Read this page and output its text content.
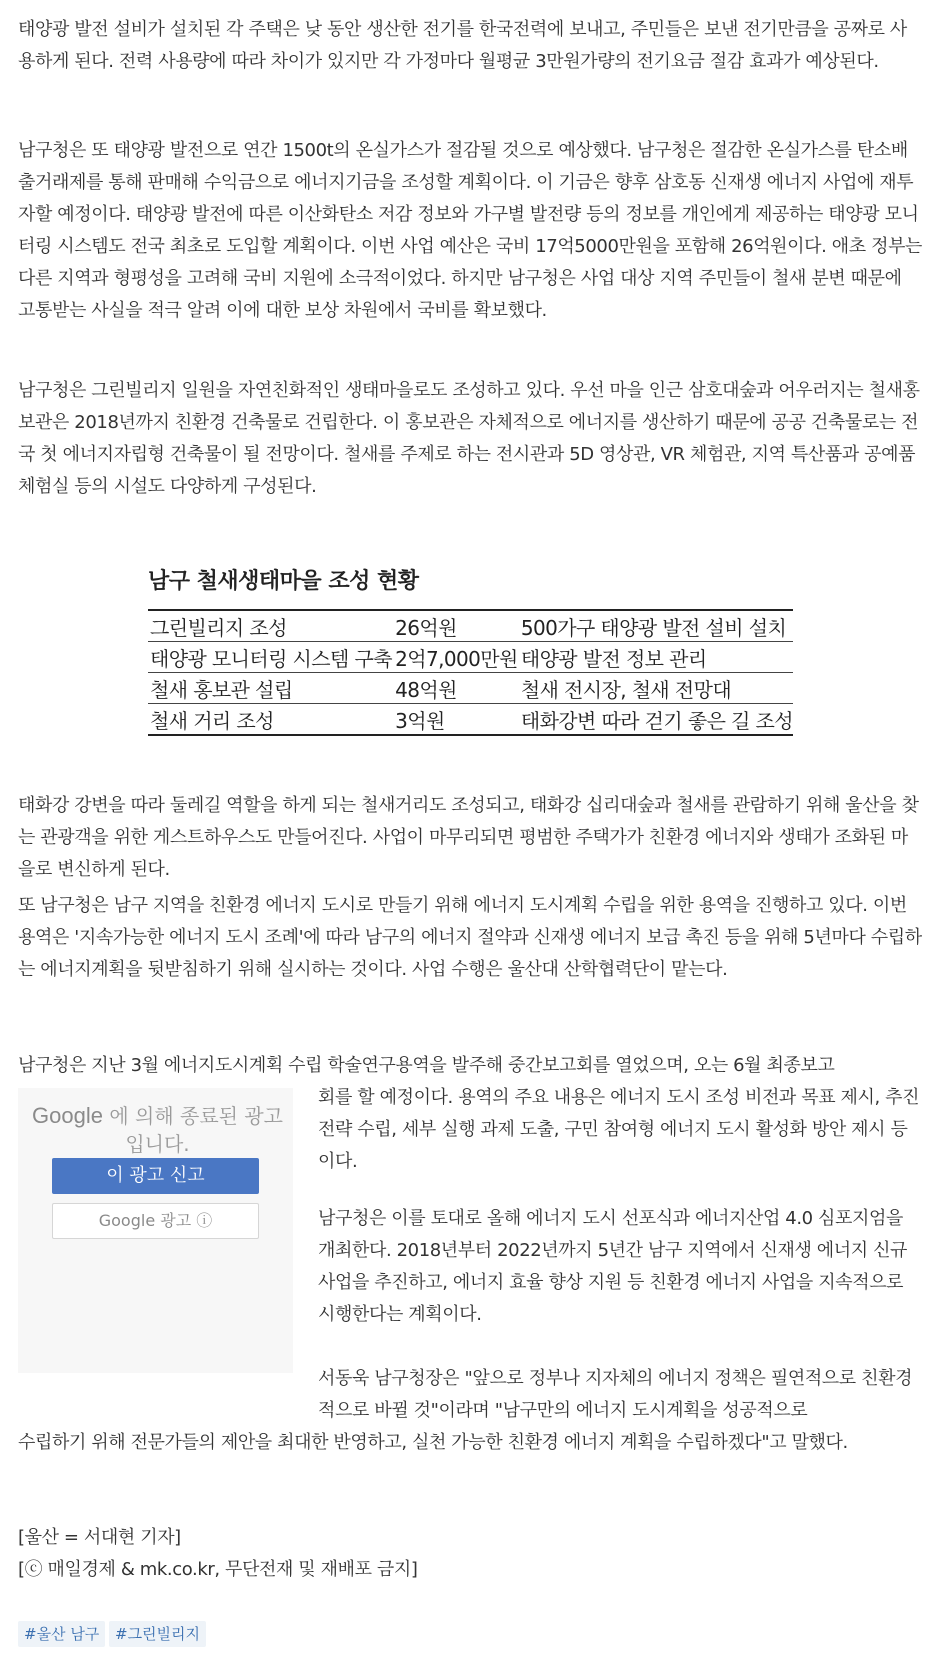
태양광 발전 설비가 설치된 각 주택은 낮 동안 생산한 전기를 한국전력에 보내고, 주민들은 보낸 전기만큼을 공짜로 사용하게 된다. 전력 사용량에 따라 차이가 있지만 각 가정마다 월평균 3만원가량의 전기요금 절감 효과가 예상된다.

남구청은 또 태양광 발전으로 연간 1500t의 온실가스가 절감될 것으로 예상했다. 남구청은 절감한 온실가스를 탄소배출거래제를 통해 판매해 수익금으로 에너지기금을 조성할 계획이다. 이 기금은 향후 삼호동 신재생 에너지 사업에 재투자할 예정이다. 태양광 발전에 따른 이산화탄소 저감 정보와 가구별 발전량 등의 정보를 개인에게 제공하는 태양광 모니터링 시스템도 전국 최초로 도입할 계획이다. 이번 사업 예산은 국비 17억5000만원을 포함해 26억원이다. 애초 정부는 다른 지역과 형평성을 고려해 국비 지원에 소극적이었다. 하지만 남구청은 사업 대상 지역 주민들이 철새 분변 때문에 고통받는 사실을 적극 알려 이에 대한 보상 차원에서 국비를 확보했다.

남구청은 그린빌리지 일원을 자연친화적인 생태마을로도 조성하고 있다. 우선 마을 인근 삼호대숲과 어우러지는 철새홍보관은 2018년까지 친환경 건축물로 건립한다. 이 홍보관은 자체적으로 에너지를 생산하기 때문에 공공 건축물로는 전국 첫 에너지자립형 건축물이 될 전망이다. 철새를 주제로 하는 전시관과 5D 영상관, VR 체험관, 지역 특산품과 공예품 체험실 등의 시설도 다양하게 구성된다.

남구 철새생태마을 조성 현황
그린빌리지 조성	26억원	500가구 태양광 발전 설비 설치
태양광 모니터링 시스템 구축	2억7,000만원	태양광 발전 정보 관리
철새 홍보관 설립	48억원	철새 전시장, 철새 전망대
철새 거리 조성	3억원	태화강변 따라 걷기 좋은 길 조성

태화강 강변을 따라 둘레길 역할을 하게 되는 철새거리도 조성되고, 태화강 십리대숲과 철새를 관람하기 위해 울산을 찾는 관광객을 위한 게스트하우스도 만들어진다. 사업이 마무리되면 평범한 주택가가 친환경 에너지와 생태가 조화된 마을로 변신하게 된다.

또 남구청은 남구 지역을 친환경 에너지 도시로 만들기 위해 에너지 도시계획 수립을 위한 용역을 진행하고 있다. 이번 용역은 '지속가능한 에너지 도시 조례'에 따라 남구의 에너지 절약과 신재생 에너지 보급 촉진 등을 위해 5년마다 수립하는 에너지계획을 뒷받침하기 위해 실시하는 것이다. 사업 수행은 울산대 산학협력단이 맡는다.

남구청은 지난 3월 에너지도시계획 수립 학술연구용역을 발주해 중간보고회를 열었으며, 오는 6월 최종보고

Google 에 의해 종료된 광고입니다.
이 광고 신고
Google 광고 ⓘ

회를 할 예정이다. 용역의 주요 내용은 에너지 도시 조성 비전과 목표 제시, 추진 전략 수립, 세부 실행 과제 도출, 구민 참여형 에너지 도시 활성화 방안 제시 등이다.

남구청은 이를 토대로 올해 에너지 도시 선포식과 에너지산업 4.0 심포지엄을 개최한다. 2018년부터 2022년까지 5년간 남구 지역에서 신재생 에너지 신규 사업을 추진하고, 에너지 효율 향상 지원 등 친환경 에너지 사업을 지속적으로 시행한다는 계획이다.

서동욱 남구청장은 "앞으로 정부나 지자체의 에너지 정책은 필연적으로 친환경적으로 바뀔 것"이라며 "남구만의 에너지 도시계획을 성공적으로

수립하기 위해 전문가들의 제안을 최대한 반영하고, 실천 가능한 친환경 에너지 계획을 수립하겠다"고 말했다.

[울산 = 서대현 기자]

[ⓒ 매일경제 & mk.co.kr, 무단전재 및 재배포 금지]

#울산 남구	#그린빌리지
